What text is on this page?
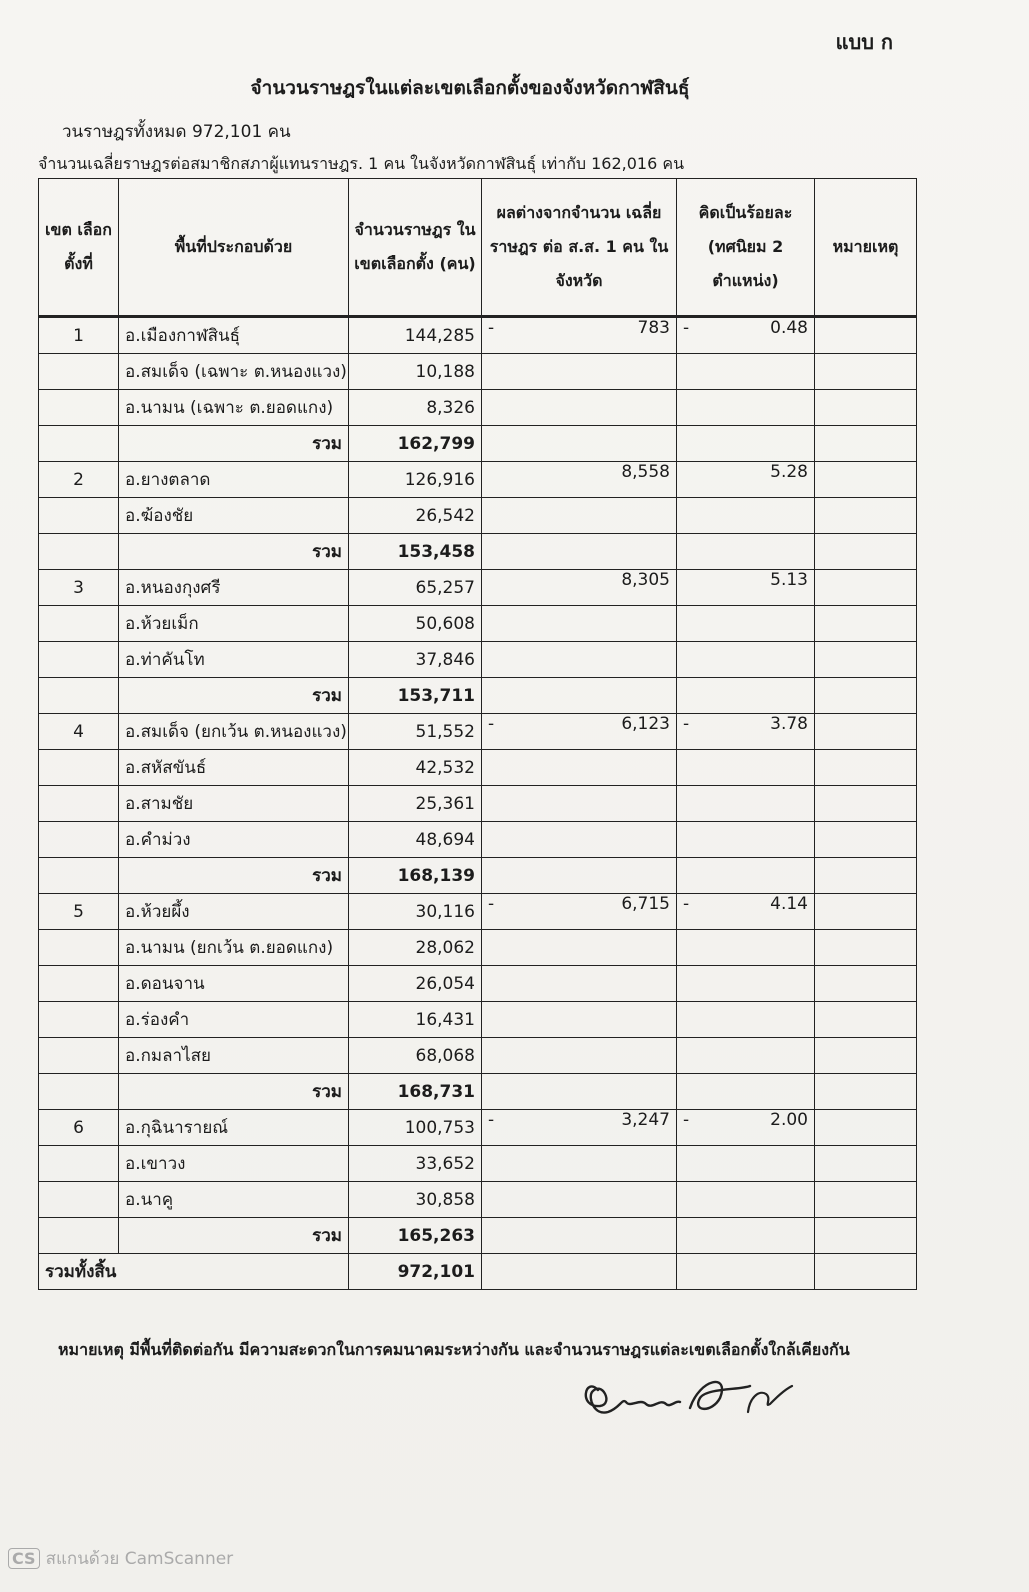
แบบ ก
จำนวนราษฎรในแต่ละเขตเลือกตั้งของจังหวัดกาฬสินธุ์
วนราษฎรทั้งหมด 972,101 คน
จำนวนเฉลี่ยราษฎรต่อสมาชิกสภาผู้แทนราษฎร. 1 คน ในจังหวัดกาฬสินธุ์ เท่ากับ 162,016 คน
เขต เลือกตั้งที่	พื้นที่ประกอบด้วย	จำนวนราษฎร ในเขตเลือกตั้ง (คน)	ผลต่างจากจำนวน เฉลี่ยราษฎร ต่อ ส.ส. 1 คน ในจังหวัด	คิดเป็นร้อยละ (ทศนิยม 2 ตำแหน่ง)	หมายเหตุ
1	อ.เมืองกาฬสินธุ์	144,285	- 783	- 0.48	
	อ.สมเด็จ (เฉพาะ ต.หนองแวง)	10,188			
	อ.นามน (เฉพาะ ต.ยอดแกง)	8,326			
	รวม	162,799			
2	อ.ยางตลาด	126,916	8,558	5.28	
	อ.ฆ้องชัย	26,542			
	รวม	153,458			
3	อ.หนองกุงศรี	65,257	8,305	5.13	
	อ.ห้วยเม็ก	50,608			
	อ.ท่าคันโท	37,846			
	รวม	153,711			
4	อ.สมเด็จ (ยกเว้น ต.หนองแวง)	51,552	- 6,123	- 3.78	
	อ.สหัสขันธ์	42,532			
	อ.สามชัย	25,361			
	อ.คำม่วง	48,694			
	รวม	168,139			
5	อ.ห้วยผึ้ง	30,116	- 6,715	- 4.14	
	อ.นามน (ยกเว้น ต.ยอดแกง)	28,062			
	อ.ดอนจาน	26,054			
	อ.ร่องคำ	16,431			
	อ.กมลาไสย	68,068			
	รวม	168,731			
6	อ.กุฉินารายณ์	100,753	- 3,247	- 2.00	
	อ.เขาวง	33,652			
	อ.นาคู	30,858			
	รวม	165,263			
รวมทั้งสิ้น		972,101			
หมายเหตุ มีพื้นที่ติดต่อกัน มีความสะดวกในการคมนาคมระหว่างกัน และจำนวนราษฎรแต่ละเขตเลือกตั้งใกล้เคียงกัน
CS สแกนด้วย CamScanner
